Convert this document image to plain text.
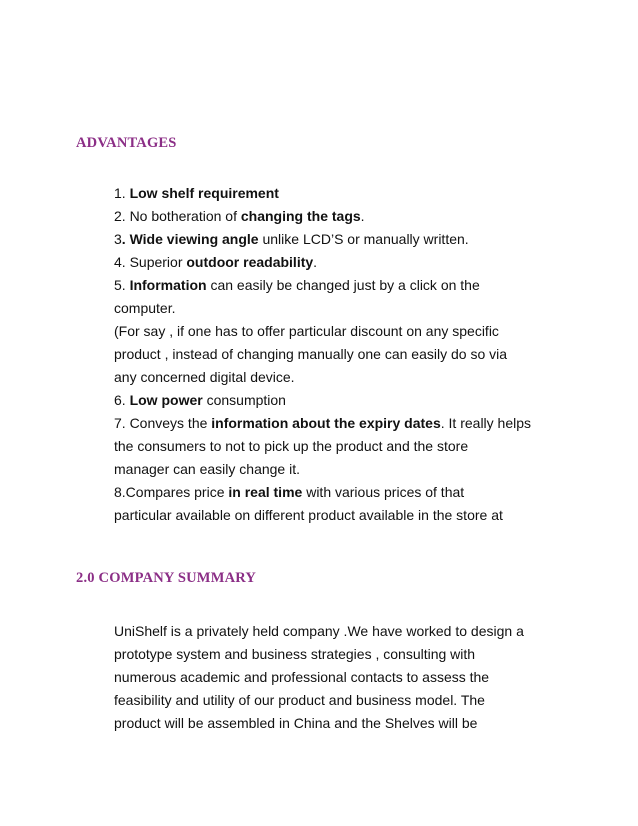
ADVANTAGES
1. Low shelf requirement
2. No botheration of changing the tags.
3. Wide viewing angle unlike LCD’S or manually written.
4. Superior outdoor readability.
5. Information can easily be changed just by a click on the
computer.
(For say , if one has to offer particular discount on any specific
product , instead of changing manually one can easily do so via
any concerned digital device.
6. Low power consumption
7. Conveys the information about the expiry dates. It really helps
the consumers to not to pick up the product and the store
manager can easily change it.
8.Compares price in real time with various prices of that
particular available on different product available in the store at
2.0 COMPANY SUMMARY
UniShelf is a privately held company .We have worked to design a
prototype system and business strategies , consulting with
numerous academic and professional contacts to assess the
feasibility and utility of our product and business model. The
product will be assembled in China and the Shelves will be
